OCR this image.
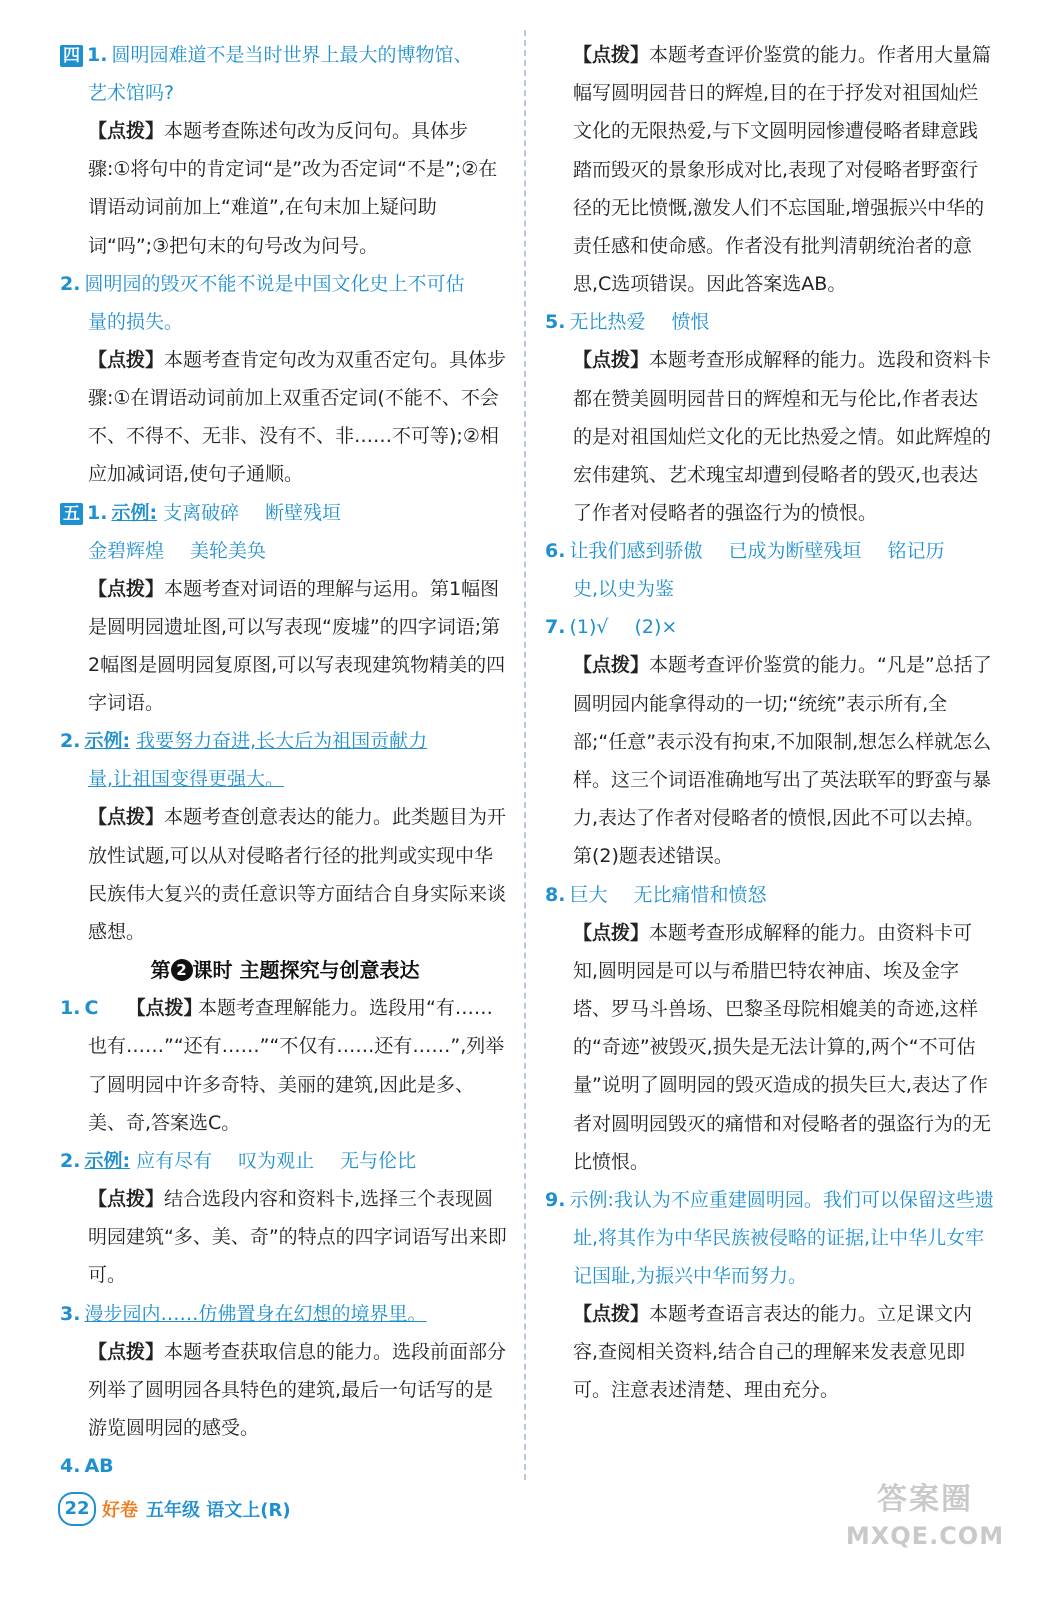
四 1. 圆明园难道不是当时世界上最大的博物馆、
艺术馆吗?
【点拨】本题考查陈述句改为反问句。具体步骤:①将句中的肯定词“是”改为否定词“不是”;②在谓语动词前加上“难道”,在句末加上疑问助词“吗”;③把句末的句号改为问号。
2. 圆明园的毁灭不能不说是中国文化史上不可估
量的损失。
【点拨】本题考查肯定句改为双重否定句。具体步骤:①在谓语动词前加上双重否定词(不能不、不会不、不得不、无非、没有不、非……不可等);②相应加减词语,使句子通顺。
五 1. 示例: 支离破碎 断壁残垣
金碧辉煌 美轮美奂
【点拨】本题考查对词语的理解与运用。第1幅图是圆明园遗址图,可以写表现“废墟”的四字词语;第2幅图是圆明园复原图,可以写表现建筑物精美的四字词语。
2. 示例: 我要努力奋进,长大后为祖国贡献力
量,让祖国变得更强大。
【点拨】本题考查创意表达的能力。此类题目为开放性试题,可以从对侵略者行径的批判或实现中华民族伟大复兴的责任意识等方面结合自身实际来谈感想。
第 2 课时 主题探究与创意表达
1. C 【点拨】
本题考查理解能力。选段用“有……也有……”“还有……”“不仅有……还有……”,列举了圆明园中许多奇特、美丽的建筑,因此是多、美、奇,答案选C。
2. 示例: 应有尽有 叹为观止 无与伦比
【点拨】结合选段内容和资料卡,选择三个表现圆明园建筑“多、美、奇”的特点的四字词语写出来即可。
3. 漫步园内……仿佛置身在幻想的境界里。
【点拨】本题考查获取信息的能力。选段前面部分列举了圆明园各具特色的建筑,最后一句话写的是游览圆明园的感受。
4. AB
【点拨】本题考查评价鉴赏的能力。作者用大量篇幅写圆明园昔日的辉煌,目的在于抒发对祖国灿烂文化的无限热爱,与下文圆明园惨遭侵略者肆意践踏而毁灭的景象形成对比,表现了对侵略者野蛮行径的无比愤慨,激发人们不忘国耻,增强振兴中华的责任感和使命感。作者没有批判清朝统治者的意思,C选项错误。因此答案选AB。
5. 无比热爱 愤恨
【点拨】本题考查形成解释的能力。选段和资料卡都在赞美圆明园昔日的辉煌和无与伦比,作者表达的是对祖国灿烂文化的无比热爱之情。如此辉煌的宏伟建筑、艺术瑰宝却遭到侵略者的毁灭,也表达了作者对侵略者的强盗行为的愤恨。
6. 让我们感到骄傲 已成为断壁残垣 铭记历
史,以史为鉴
7. (1)√ (2)×
【点拨】本题考查评价鉴赏的能力。“凡是”总括了圆明园内能拿得动的一切;“统统”表示所有,全部;“任意”表示没有拘束,不加限制,想怎么样就怎么样。这三个词语准确地写出了英法联军的野蛮与暴力,表达了作者对侵略者的愤恨,因此不可以去掉。第(2)题表述错误。
8. 巨大 无比痛惜和愤怒
【点拨】本题考查形成解释的能力。由资料卡可知,圆明园是可以与希腊巴特农神庙、埃及金字塔、罗马斗兽场、巴黎圣母院相媲美的奇迹,这样的“奇迹”被毁灭,损失是无法计算的,两个“不可估量”说明了圆明园的毁灭造成的损失巨大,表达了作者对圆明园毁灭的痛惜和对侵略者的强盗行为的无比愤恨。
9. 示例:我认为不应重建圆明园。我们可以保留这些遗址,将其作为中华民族被侵略的证据,让中华儿女牢记国耻,为振兴中华而努力。
【点拨】本题考查语言表达的能力。立足课文内容,查阅相关资料,结合自己的理解来发表意见即可。注意表述清楚、理由充分。
22 好卷 五年级 语文上(R)	答案圈
MXQE.COM
